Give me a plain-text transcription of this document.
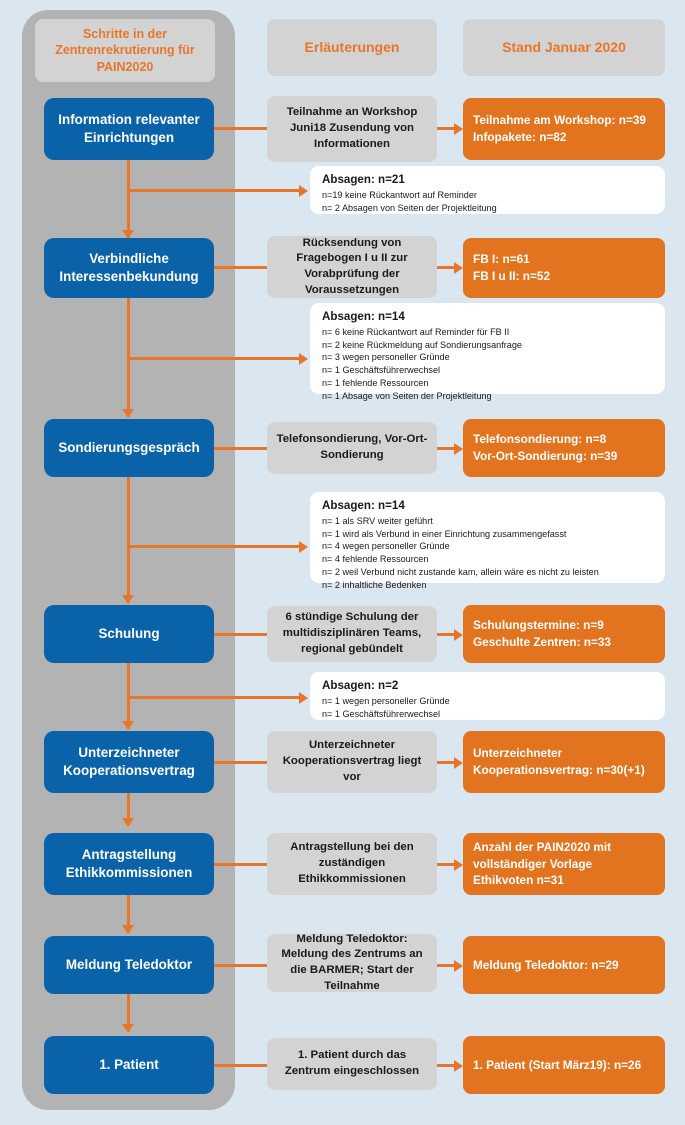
Schritte in der Zentrenrekrutierung für PAIN2020
Erläuterungen	Stand Januar 2020
Information relevanter Einrichtungen
Teilnahme an Workshop Juni18 Zusendung von Informationen
Teilnahme am Workshop: n=39
Infopakete: n=82
Absagen: n=21
n=19 keine Rückantwort auf Reminder
n= 2 Absagen von Seiten der Projektleitung
Verbindliche Interessenbekundung
Rücksendung von Fragebogen I u II zur Vorabprüfung der Voraussetzungen
FB I: n=61
FB I u II: n=52
Absagen: n=14
n= 6 keine Rückantwort auf Reminder für FB II
n= 2 keine Rückmeldung auf Sondierungsanfrage
n= 3 wegen personeller Gründe
n= 1 Geschäftsführerwechsel
n= 1 fehlende Ressourcen
n= 1 Absage von Seiten der Projektleitung
Sondierungsgespräch
Telefonsondierung, Vor-Ort-Sondierung
Telefonsondierung: n=8
Vor-Ort-Sondierung: n=39
Absagen: n=14
n= 1 als SRV weiter geführt
n= 1 wird als Verbund in einer Einrichtung zusammengefasst
n= 4 wegen personeller Gründe
n= 4 fehlende Ressourcen
n= 2 weil Verbund nicht zustande kam, allein wäre es nicht zu leisten
n= 2 inhaltliche Bedenken
Schulung
6 stündige Schulung der multidisziplinären Teams, regional gebündelt
Schulungstermine: n=9
Geschulte Zentren: n=33
Absagen: n=2
n= 1 wegen personeller Gründe
n= 1 Geschäftsführerwechsel
Unterzeichneter Kooperationsvertrag
Unterzeichneter Kooperationsvertrag liegt vor
Unterzeichneter
Kooperationsvertrag: n=30(+1)
Antragstellung Ethikkommissionen
Antragstellung bei den zuständigen Ethikkommissionen
Anzahl der PAIN2020 mit
vollständiger Vorlage
Ethikvoten n=31
Meldung Teledoktor
Meldung Teledoktor: Meldung des Zentrums an die BARMER; Start der Teilnahme
Meldung Teledoktor: n=29
1. Patient
1. Patient durch das Zentrum eingeschlossen	1. Patient (Start März19): n=26
